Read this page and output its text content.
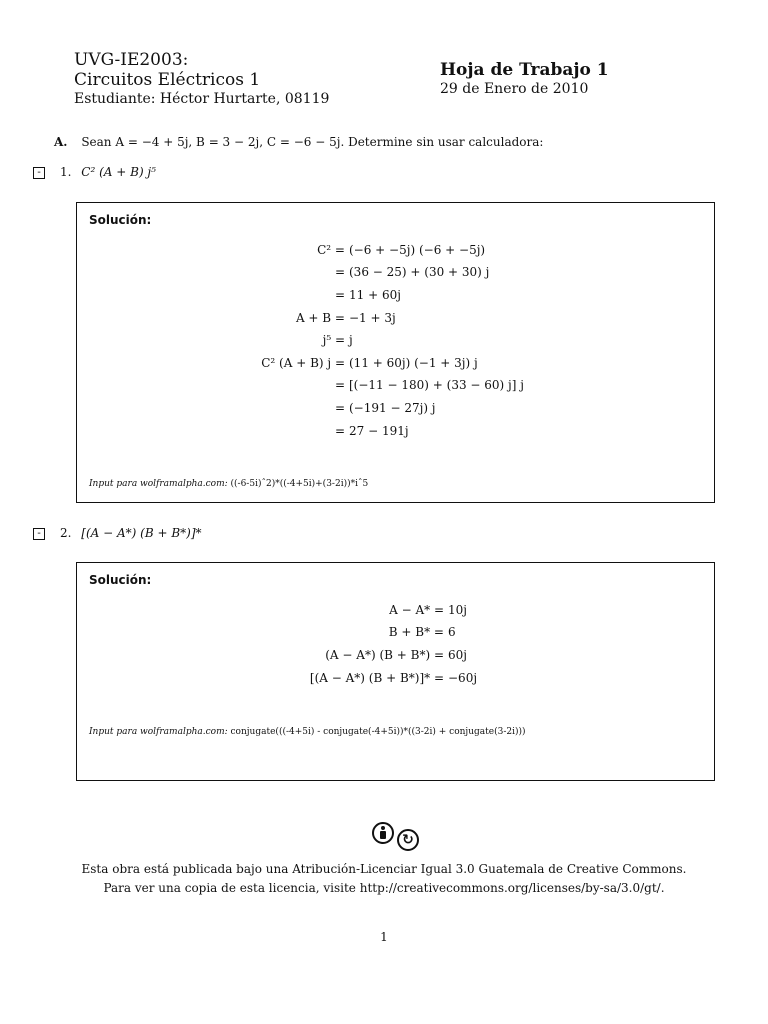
UVG-IE2003:
Circuitos Eléctricos 1
Estudiante: Héctor Hurtarte, 08119
Hoja de Trabajo 1
29 de Enero de 2010
A. Sean A = −4 + 5j, B = 3 − 2j, C = −6 − 5j. Determine sin usar calculadora:
-	1. C² (A + B) j⁵
Solución:
C² =
=
=
A + B =
j⁵ =
C² (A + B) j =
=
=
=
(−6 + −5j) (−6 + −5j)
(36 − 25) + (30 + 30) j
11 + 60j
−1 + 3j
j
(11 + 60j) (−1 + 3j) j
[(−11 − 180) + (33 − 60) j] j
(−191 − 27j) j
27 − 191j
Input para wolframalpha.com: ((-6-5i)ˆ2)*((-4+5i)+(3-2i))*iˆ5
-	2. [(A − A*) (B + B*)]*
Solución:
A − A* =
B + B* =
(A − A*) (B + B*) =
[(A − A*) (B + B*)]* =
10j
6
60j
−60j
Input para wolframalpha.com: conjugate(((-4+5i) - conjugate(-4+5i))*((3-2i) + conjugate(3-2i)))
↻
Esta obra está publicada bajo una Atribución-Licenciar Igual 3.0 Guatemala de Creative Commons.
Para ver una copia de esta licencia, visite http://creativecommons.org/licenses/by-sa/3.0/gt/.
1
